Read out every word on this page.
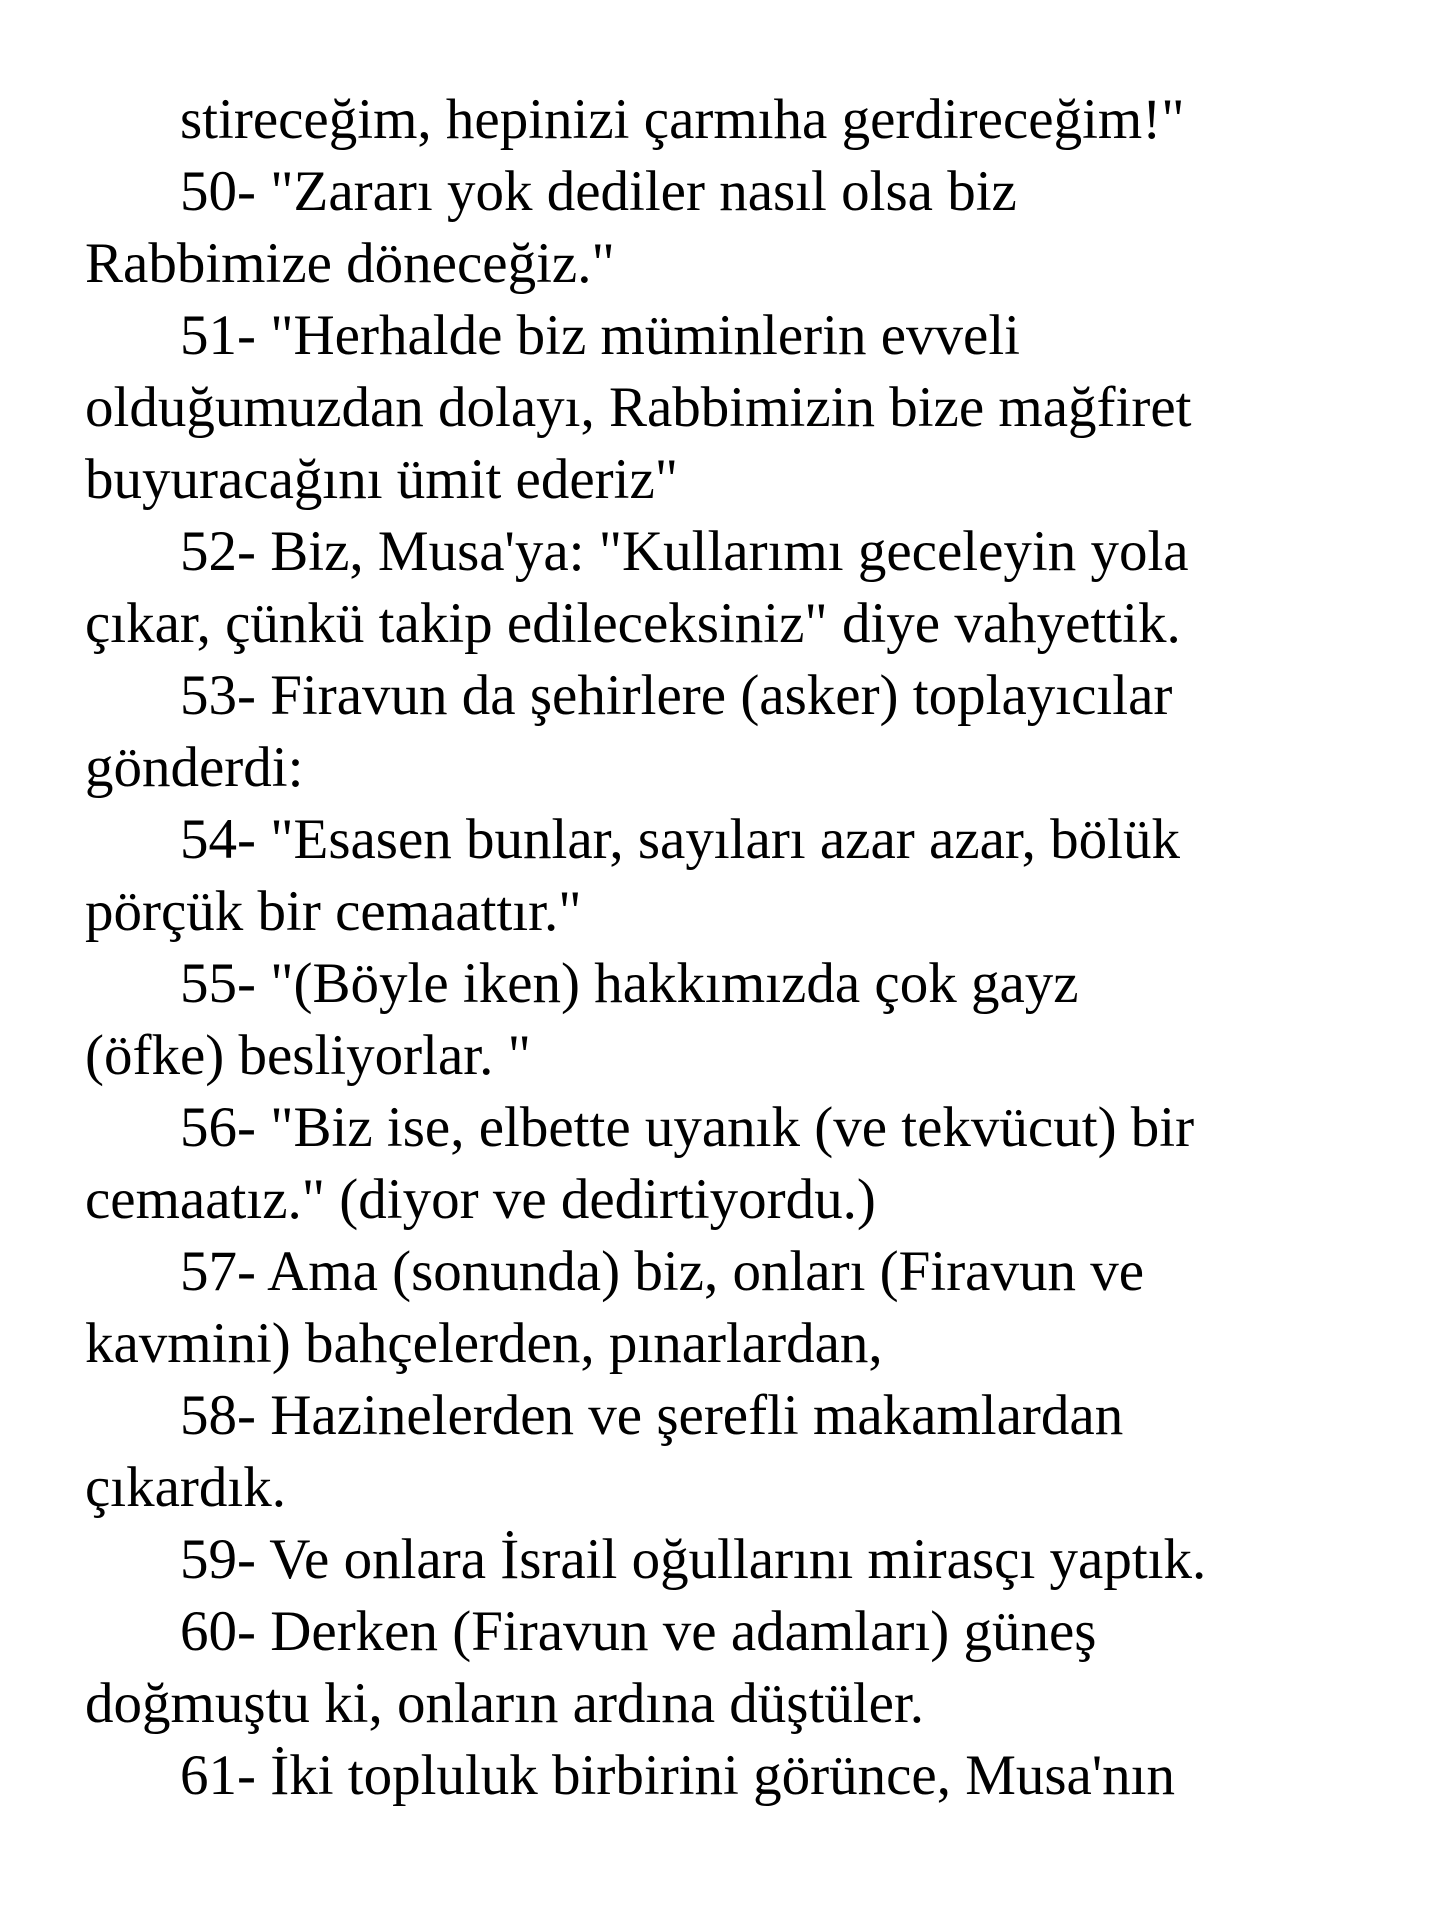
stireceğim, hepinizi çarmıha gerdireceğim!"
50- "Zararı yok dediler nasıl olsa biz
Rabbimize döneceğiz."
51- "Herhalde biz müminlerin evveli
olduğumuzdan dolayı, Rabbimizin bize mağfiret
buyuracağını ümit ederiz"
52- Biz, Musa'ya: "Kullarımı geceleyin yola
çıkar, çünkü takip edileceksiniz" diye vahyettik.
53- Firavun da şehirlere (asker) toplayıcılar
gönderdi:
54- "Esasen bunlar, sayıları azar azar, bölük
pörçük bir cemaattır."
55- "(Böyle iken) hakkımızda çok gayz
(öfke) besliyorlar. "
56- "Biz ise, elbette uyanık (ve tekvücut) bir
cemaatız." (diyor ve dedirtiyordu.)
57- Ama (sonunda) biz, onları (Firavun ve
kavmini) bahçelerden, pınarlardan,
58- Hazinelerden ve şerefli makamlardan
çıkardık.
59- Ve onlara İsrail oğullarını mirasçı yaptık.
60- Derken (Firavun ve adamları) güneş
doğmuştu ki, onların ardına düştüler.
61- İki topluluk birbirini görünce, Musa'nın
